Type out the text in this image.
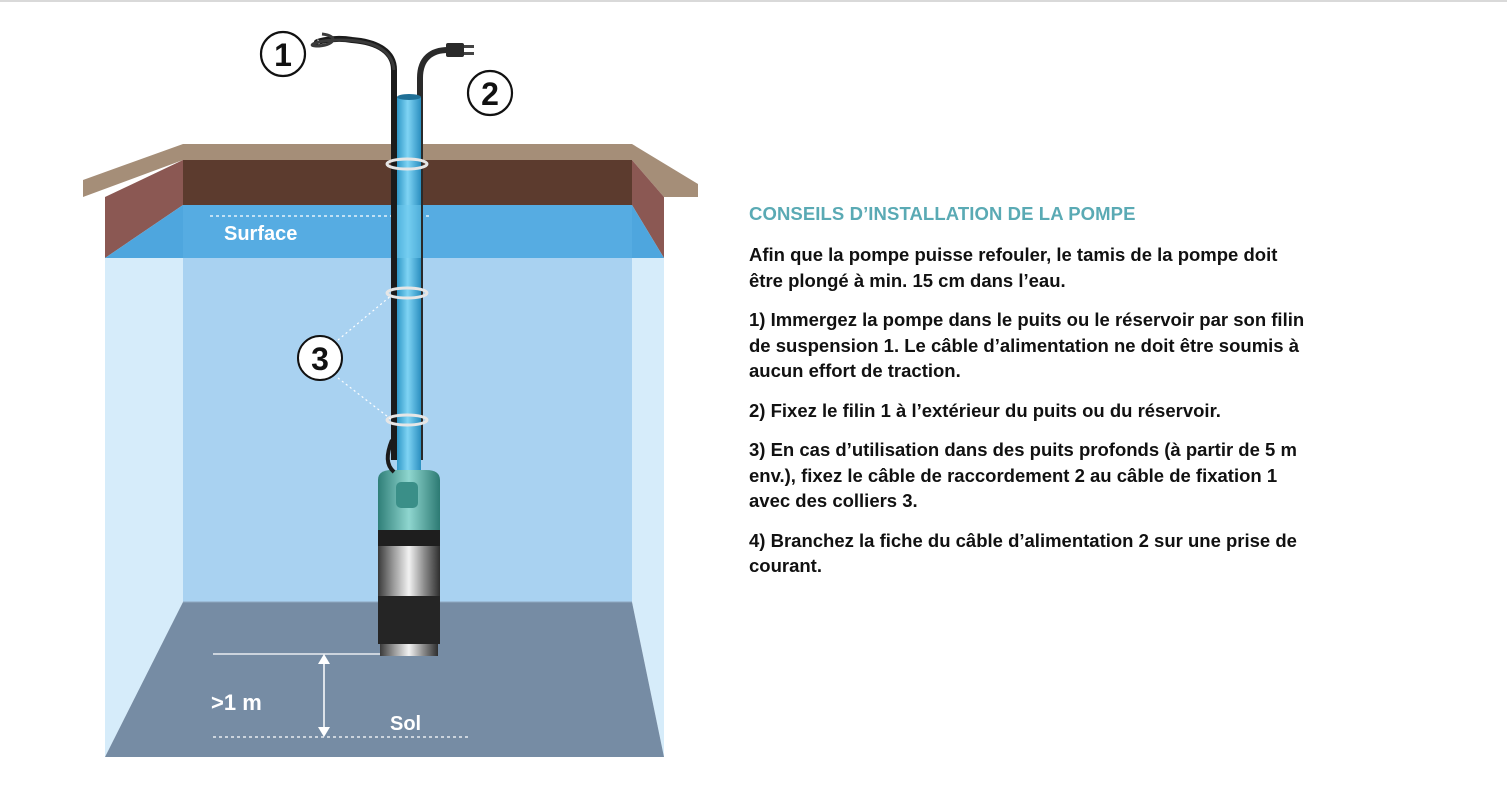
Surface
1
2
3
>1 m
Sol
CONSEILS D’INSTALLATION DE LA POMPE

Afin que la pompe puisse refouler, le tamis de la pompe doit
être plongé à min. 15 cm dans l’eau.

1) Immergez la pompe dans le puits ou le réservoir par son filin
de suspension 1. Le câble d’alimentation ne doit être soumis à
aucun effort de traction.

2) Fixez le filin 1 à l’extérieur du puits ou du réservoir.

3) En cas d’utilisation dans des puits profonds (à partir de 5 m
env.), fixez le câble de raccordement 2 au câble de fixation 1
avec des colliers 3.

4) Branchez la fiche du câble d’alimentation 2 sur une prise de
courant.
